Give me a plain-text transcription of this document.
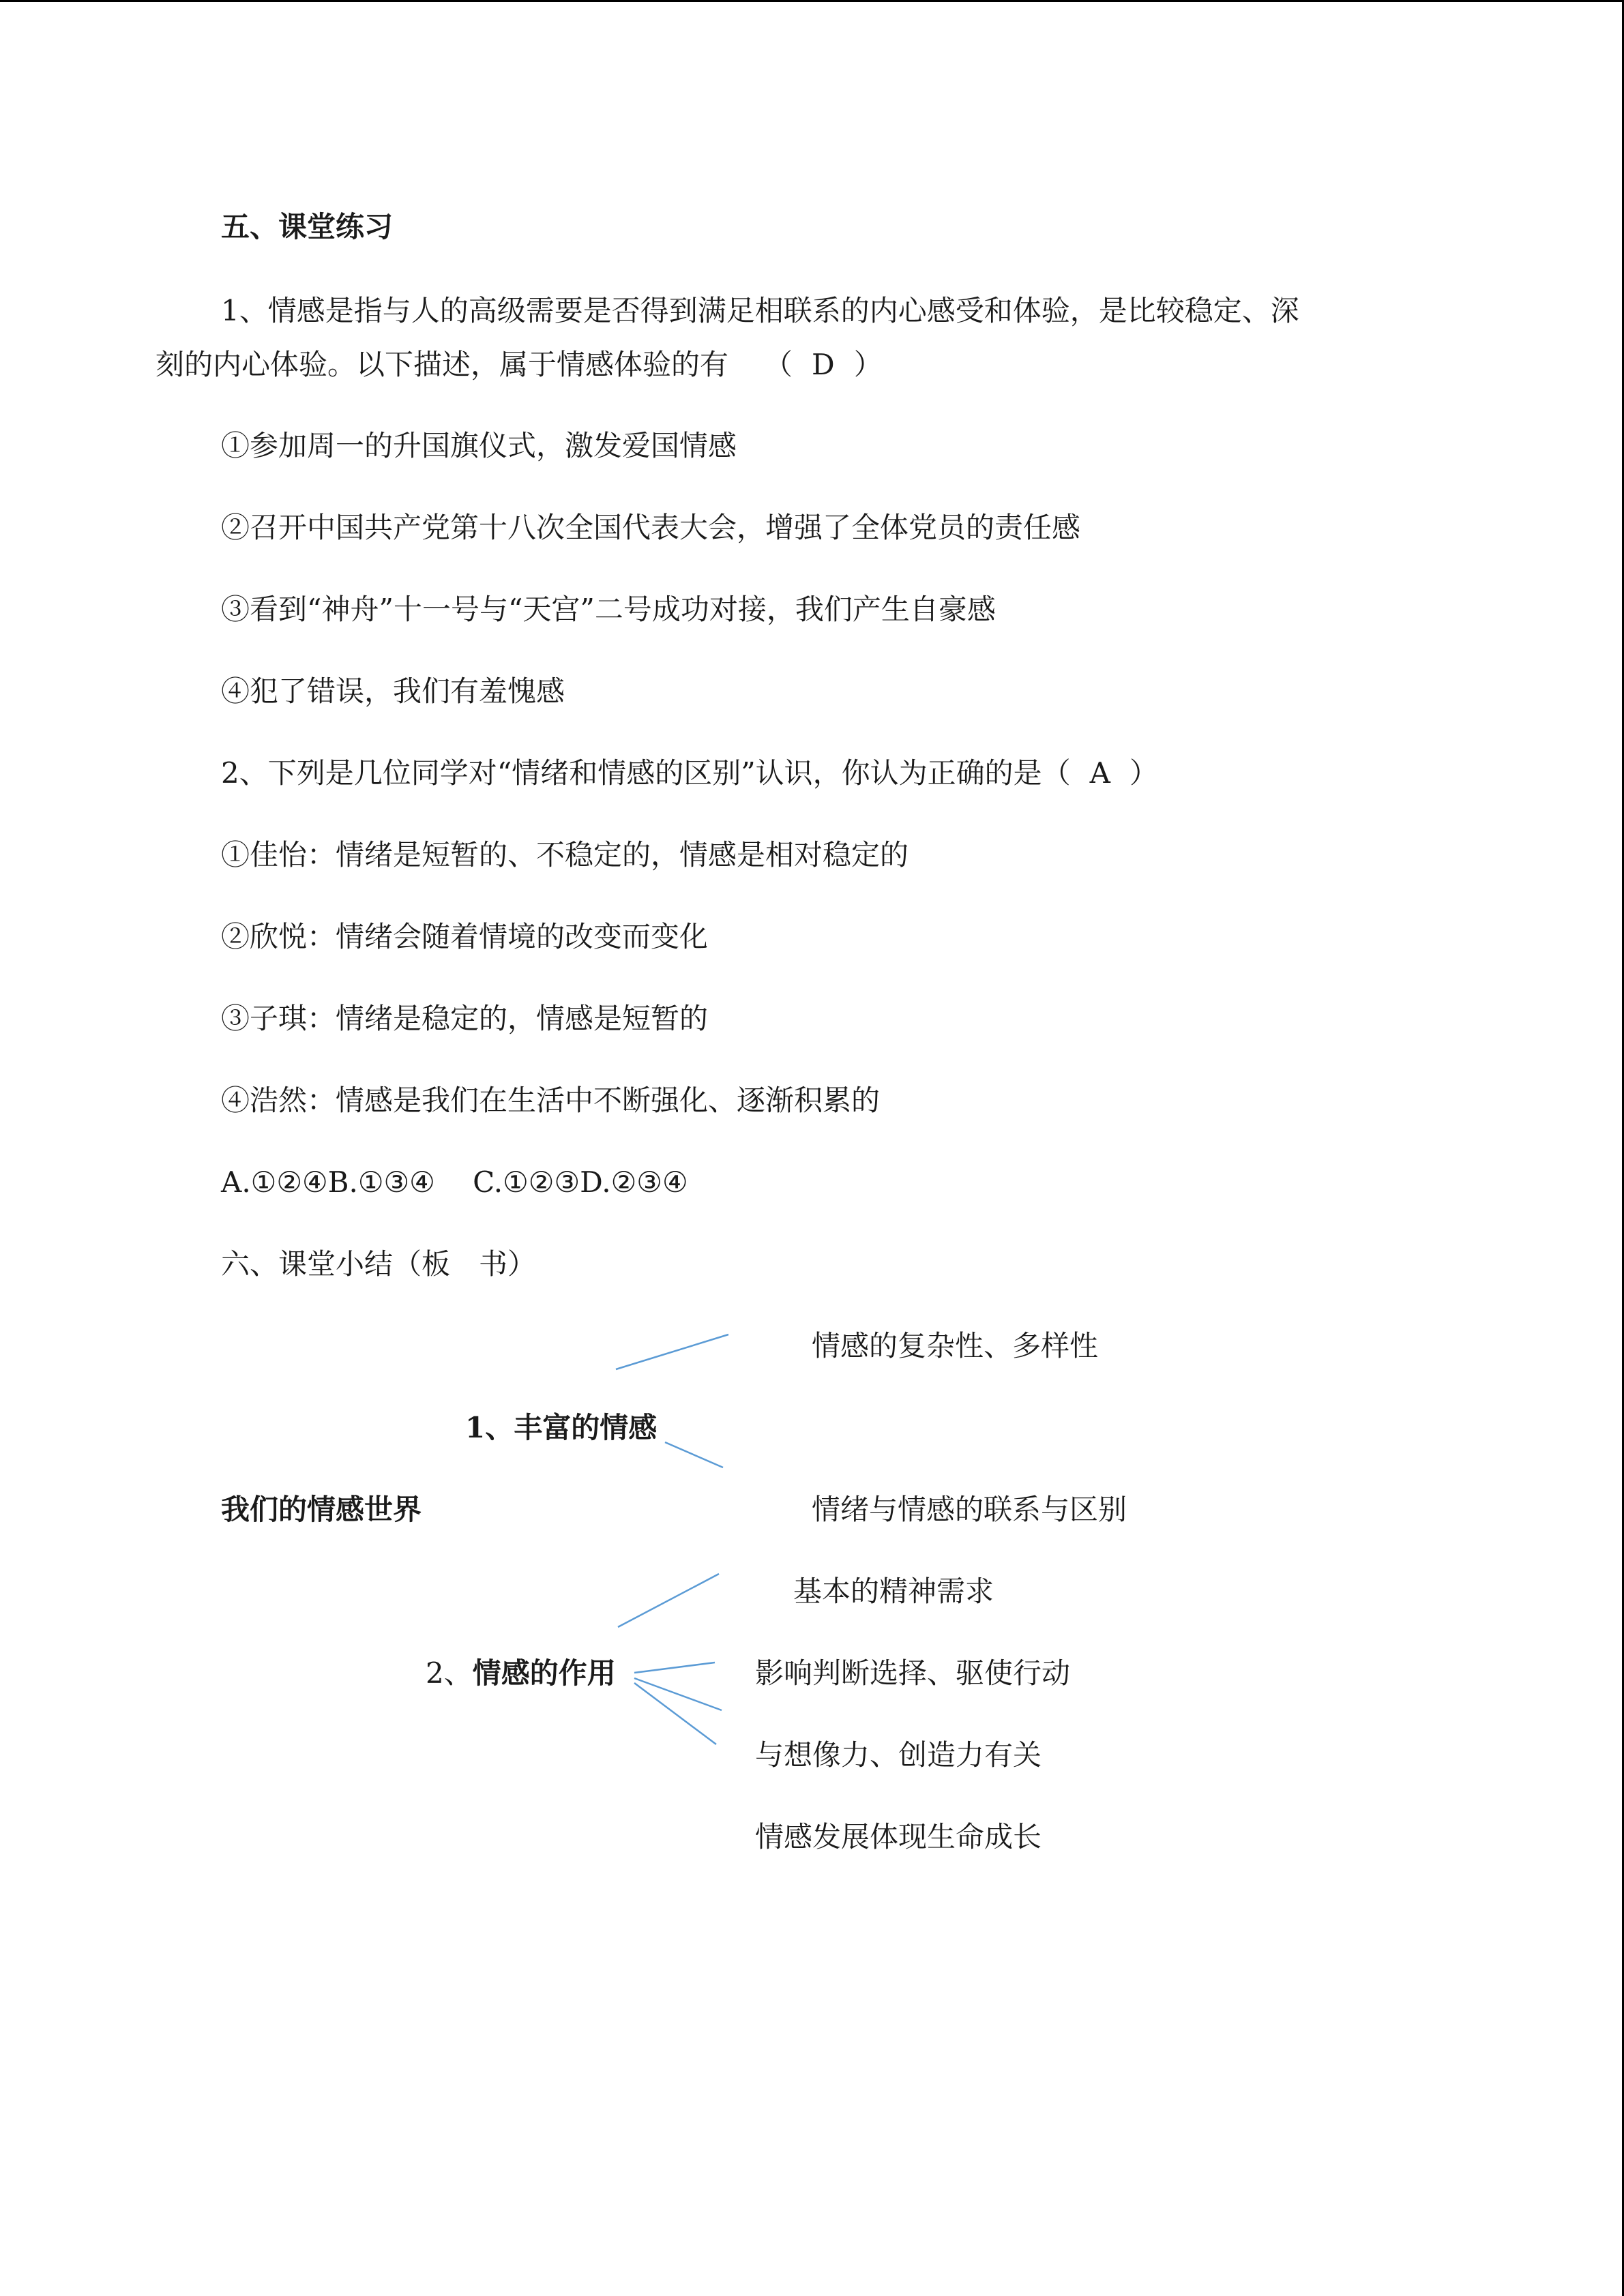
五、课堂练习

1、情感是指与人的高级需要是否得到满足相联系的内心感受和体验，是比较稳定、深

刻的内心体验。以下描述，属于情感体验的有 （ D ）

①参加周一的升国旗仪式，激发爱国情感

②召开中国共产党第十八次全国代表大会，增强了全体党员的责任感

③看到“神舟”十一号与“天宫”二号成功对接，我们产生自豪感

④犯了错误，我们有羞愧感

2、下列是几位同学对“情绪和情感的区别”认识，你认为正确的是（ A ）

①佳怡：情绪是短暂的、不稳定的，情感是相对稳定的

②欣悦：情绪会随着情境的改变而变化

③子琪：情绪是稳定的，情感是短暂的

④浩然：情感是我们在生活中不断强化、逐渐积累的

A.①②④B.①③④　 C.①②③D.②③④

六、课堂小结（板　书）

情感的复杂性、多样性

1、丰富的情感

我们的情感世界	情绪与情感的联系与区别

基本的精神需求

2、情感的作用	影响判断选择、驱使行动

与想像力、创造力有关

情感发展体现生命成长
